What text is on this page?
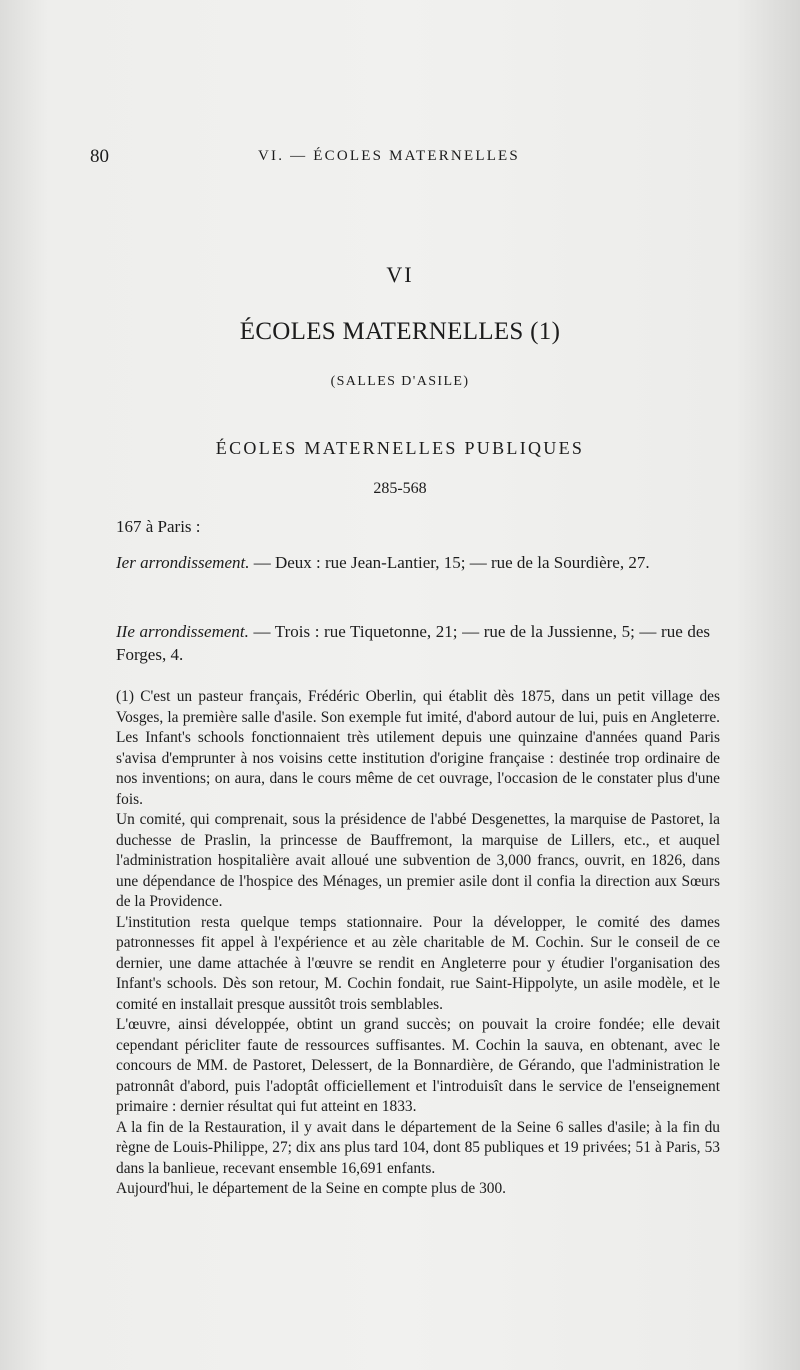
80	VI. — ÉCOLES MATERNELLES
VI
ÉCOLES MATERNELLES (1)
(SALLES D'ASILE)
ÉCOLES MATERNELLES PUBLIQUES
285-568

167 à Paris :

Ier arrondissement. — Deux : rue Jean-Lantier, 15; — rue de la Sourdière, 27.

IIe arrondissement. — Trois : rue Tiquetonne, 21; — rue de la Jussienne, 5; — rue des Forges, 4.

(1) C'est un pasteur français, Frédéric Oberlin, qui établit dès 1875, dans un petit village des Vosges, la première salle d'asile. Son exemple fut imité, d'abord autour de lui, puis en Angleterre. Les Infant's schools fonctionnaient très utilement depuis une quinzaine d'années quand Paris s'avisa d'emprunter à nos voisins cette institution d'origine française : destinée trop ordinaire de nos inventions; on aura, dans le cours même de cet ouvrage, l'occasion de le constater plus d'une fois.

Un comité, qui comprenait, sous la présidence de l'abbé Desgenettes, la marquise de Pastoret, la duchesse de Praslin, la princesse de Bauffremont, la marquise de Lillers, etc., et auquel l'administration hospitalière avait alloué une subvention de 3,000 francs, ouvrit, en 1826, dans une dépendance de l'hospice des Ménages, un premier asile dont il confia la direction aux Sœurs de la Providence.

L'institution resta quelque temps stationnaire. Pour la développer, le comité des dames patronnesses fit appel à l'expérience et au zèle charitable de M. Cochin. Sur le conseil de ce dernier, une dame attachée à l'œuvre se rendit en Angleterre pour y étudier l'organisation des Infant's schools. Dès son retour, M. Cochin fondait, rue Saint-Hippolyte, un asile modèle, et le comité en installait presque aussitôt trois semblables.

L'œuvre, ainsi développée, obtint un grand succès; on pouvait la croire fondée; elle devait cependant péricliter faute de ressources suffisantes. M. Cochin la sauva, en obtenant, avec le concours de MM. de Pastoret, Delessert, de la Bonnardière, de Gérando, que l'administration le patronnât d'abord, puis l'adoptât officiellement et l'introduisît dans le service de l'enseignement primaire : dernier résultat qui fut atteint en 1833.

A la fin de la Restauration, il y avait dans le département de la Seine 6 salles d'asile; à la fin du règne de Louis-Philippe, 27; dix ans plus tard 104, dont 85 publiques et 19 privées; 51 à Paris, 53 dans la banlieue, recevant ensemble 16,691 enfants.

Aujourd'hui, le département de la Seine en compte plus de 300.
